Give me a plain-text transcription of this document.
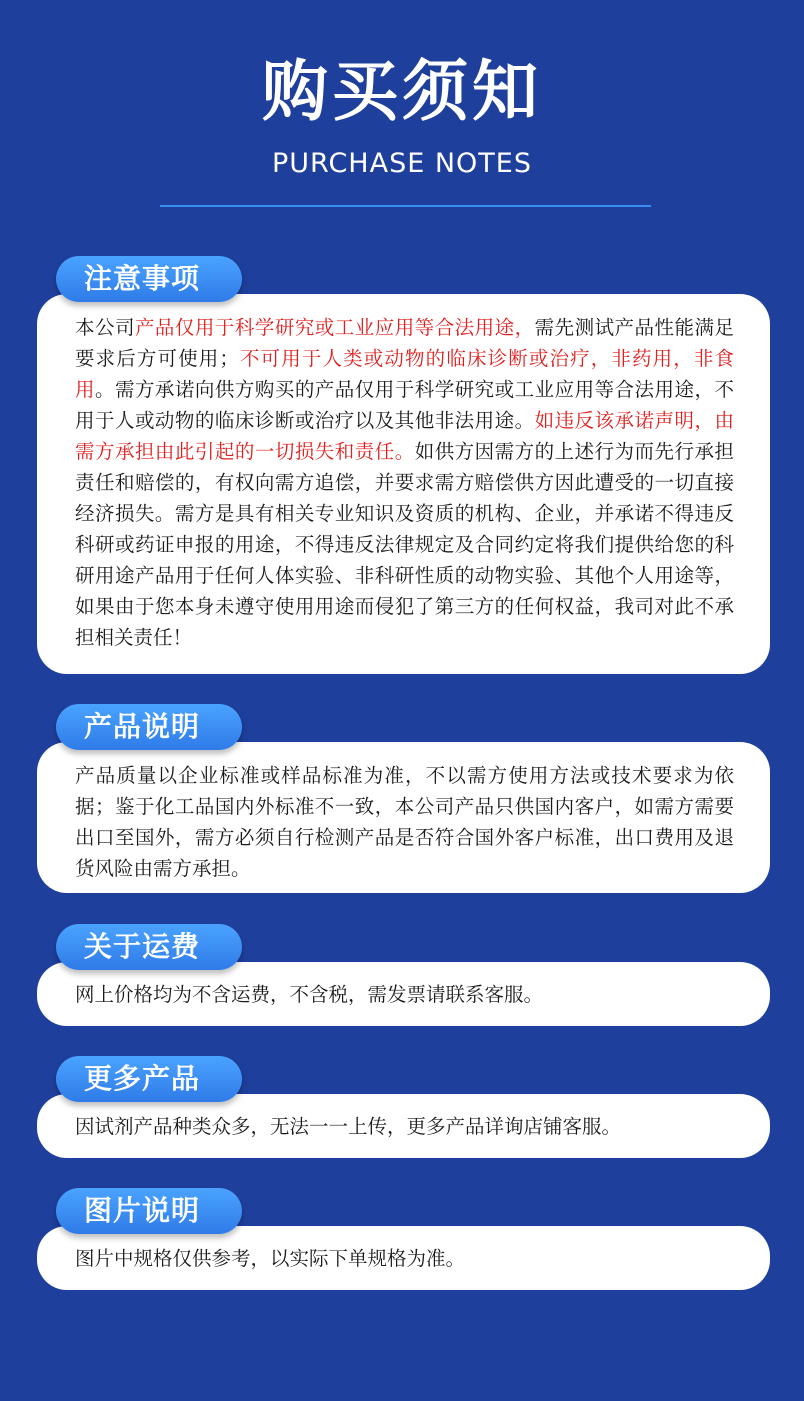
购买须知
PURCHASE NOTES
注意事项

本公司产品仅用于科学研究或工业应用等合法用途，需先测试产品性能满足要求后方可使用；不可用于人类或动物的临床诊断或治疗，非药用，非食用。需方承诺向供方购买的产品仅用于科学研究或工业应用等合法用途，不用于人或动物的临床诊断或治疗以及其他非法用途。如违反该承诺声明，由需方承担由此引起的一切损失和责任。如供方因需方的上述行为而先行承担责任和赔偿的，有权向需方追偿，并要求需方赔偿供方因此遭受的一切直接经济损失。需方是具有相关专业知识及资质的机构、企业，并承诺不得违反科研或药证申报的用途，不得违反法律规定及合同约定将我们提供给您的科研用途产品用于任何人体实验、非科研性质的动物实验、其他个人用途等，如果由于您本身未遵守使用用途而侵犯了第三方的任何权益，我司对此不承担相关责任！

产品说明

产品质量以企业标准或样品标准为准，不以需方使用方法或技术要求为依据；鉴于化工品国内外标准不一致，本公司产品只供国内客户，如需方需要出口至国外，需方必须自行检测产品是否符合国外客户标准，出口费用及退货风险由需方承担。

关于运费

网上价格均为不含运费，不含税，需发票请联系客服。

更多产品

因试剂产品种类众多，无法一一上传，更多产品详询店铺客服。

图片说明

图片中规格仅供参考，以实际下单规格为准。
